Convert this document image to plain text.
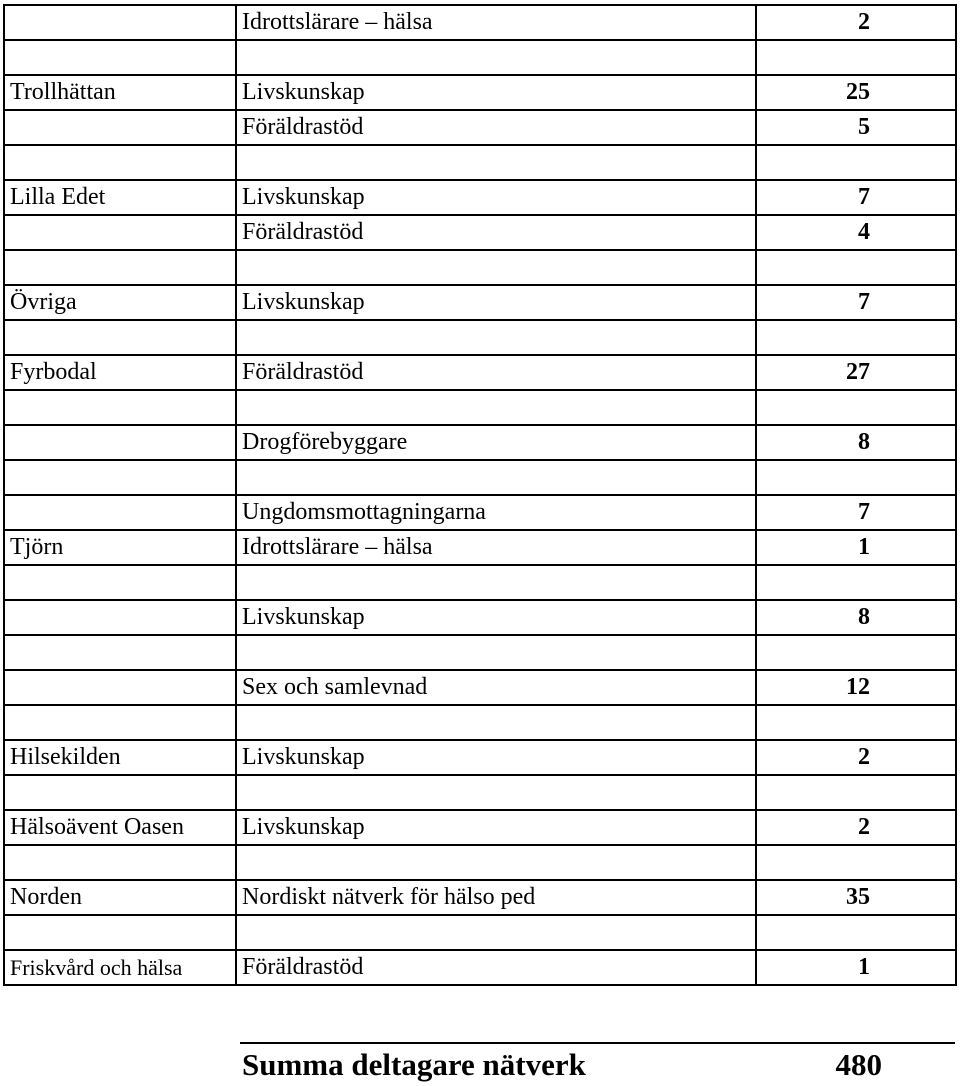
	Idrottslärare – hälsa	2

Trollhättan	Livskunskap	25
	Föräldrastöd	5

Lilla Edet	Livskunskap	7
	Föräldrastöd	4

Övriga	Livskunskap	7

Fyrbodal	Föräldrastöd	27

	Drogförebyggare	8

	Ungdomsmottagningarna	7
Tjörn	Idrottslärare – hälsa	1

	Livskunskap	8

	Sex och samlevnad	12

Hilsekilden	Livskunskap	2

Hälsoävent Oasen	Livskunskap	2

Norden	Nordiskt nätverk för hälso ped	35

Friskvård och hälsa	Föräldrastöd	1
Summa deltagare nätverk	480
